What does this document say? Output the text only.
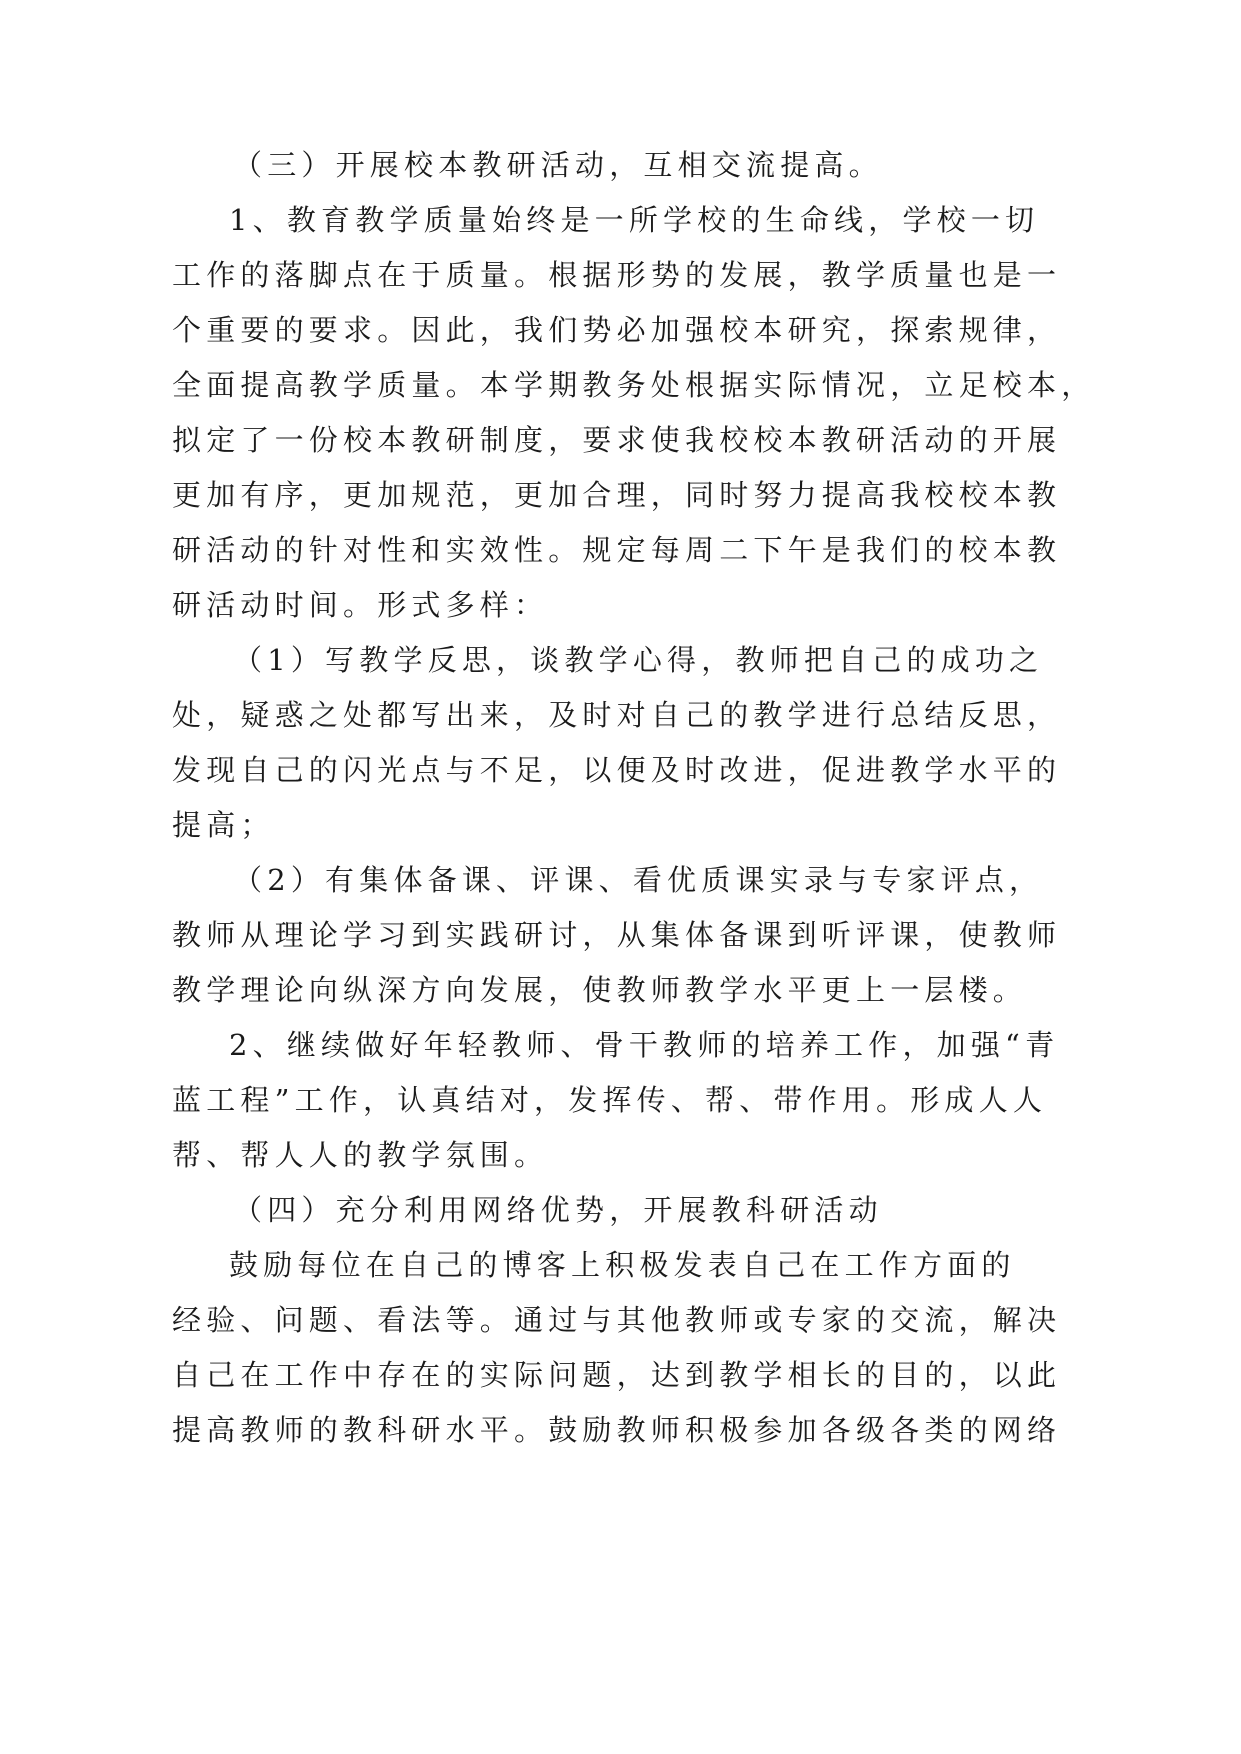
（三）开展校本教研活动，互相交流提高。
1、教育教学质量始终是一所学校的生命线，学校一切
工作的落脚点在于质量。根据形势的发展，教学质量也是一
个重要的要求。因此，我们势必加强校本研究，探索规律，
全面提高教学质量。本学期教务处根据实际情况，立足校本，
拟定了一份校本教研制度，要求使我校校本教研活动的开展
更加有序，更加规范，更加合理，同时努力提高我校校本教
研活动的针对性和实效性。规定每周二下午是我们的校本教
研活动时间。形式多样：
（1）写教学反思，谈教学心得，教师把自己的成功之
处，疑惑之处都写出来，及时对自己的教学进行总结反思，
发现自己的闪光点与不足，以便及时改进，促进教学水平的
提高；
（2）有集体备课、评课、看优质课实录与专家评点，
教师从理论学习到实践研讨，从集体备课到听评课，使教师
教学理论向纵深方向发展，使教师教学水平更上一层楼。
2、继续做好年轻教师、骨干教师的培养工作，加强“青
蓝工程”工作，认真结对，发挥传、帮、带作用。形成人人
帮、帮人人的教学氛围。
（四）充分利用网络优势，开展教科研活动
鼓励每位在自己的博客上积极发表自己在工作方面的
经验、问题、看法等。通过与其他教师或专家的交流，解决
自己在工作中存在的实际问题，达到教学相长的目的，以此
提高教师的教科研水平。鼓励教师积极参加各级各类的网络
